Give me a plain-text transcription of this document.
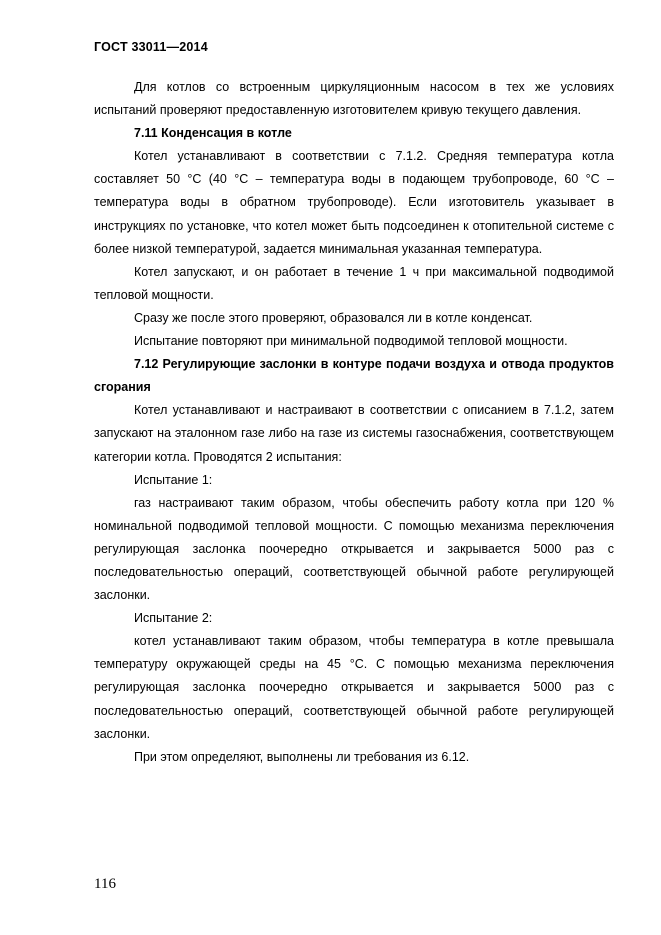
ГОСТ 33011—2014

Для котлов со встроенным циркуляционным насосом в тех же условиях испытаний проверяют предоставленную изготовителем кривую текущего давления.

7.11 Конденсация в котле

Котел устанавливают в соответствии с 7.1.2. Средняя температура котла составляет 50 °С (40 °С – температура воды в подающем трубопроводе, 60 °С – температура воды в обратном трубопроводе). Если изготовитель указывает в инструкциях по установке, что котел может быть подсоединен к отопительной системе с более низкой температурой, задается минимальная указанная температура.

Котел запускают, и он работает в течение 1 ч при максимальной подводимой тепловой мощности.

Сразу же после этого проверяют, образовался ли в котле конденсат.

Испытание повторяют при минимальной подводимой тепловой мощности.

7.12 Регулирующие заслонки в контуре подачи воздуха и отвода продуктов сгорания

Котел устанавливают и настраивают в соответствии с описанием в 7.1.2, затем запускают на эталонном газе либо на газе из системы газоснабжения, соответствующем категории котла. Проводятся 2 испытания:

Испытание 1:

газ настраивают таким образом, чтобы обеспечить работу котла при 120 % номинальной подводимой тепловой мощности. С помощью механизма переключения регулирующая заслонка поочередно открывается и закрывается 5000 раз с последовательностью операций, соответствующей обычной работе регулирующей заслонки.

Испытание 2:

котел устанавливают таким образом, чтобы температура в котле превышала температуру окружающей среды на 45 °С. С помощью механизма переключения регулирующая заслонка поочередно открывается и закрывается 5000 раз с последовательностью операций, соответствующей обычной работе регулирующей заслонки.

При этом определяют, выполнены ли требования из 6.12.

116
